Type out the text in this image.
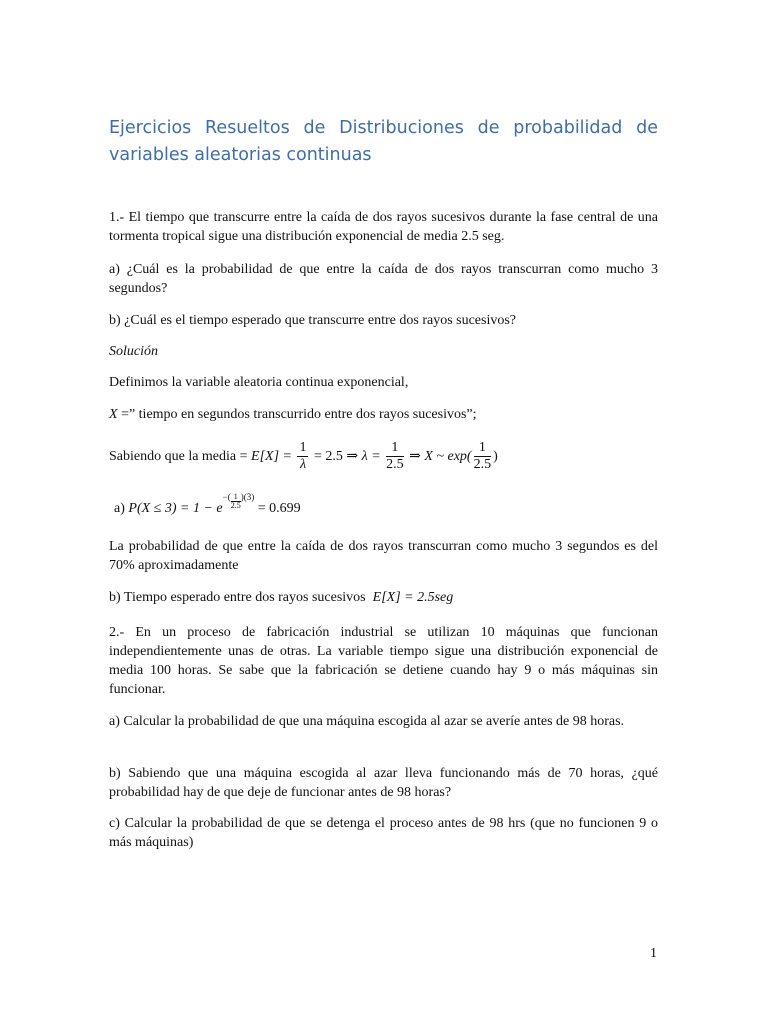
Ejercicios Resueltos de Distribuciones de probabilidad de
variables aleatorias continuas
1.- El tiempo que transcurre entre la caída de dos rayos sucesivos durante la fase central de una tormenta tropical sigue una distribución exponencial de media 2.5 seg.
a) ¿Cuál es la probabilidad de que entre la caída de dos rayos transcurran como mucho 3 segundos?
b) ¿Cuál es el tiempo esperado que transcurre entre dos rayos sucesivos?
Solución
Definimos la variable aleatoria continua exponencial,
X =” tiempo en segundos transcurrido entre dos rayos sucesivos”;
Sabiendo que la media = $E[X] = \frac{1}{\lambda} = 2.5$ ⇒ $\lambda = \frac{1}{2.5}$ ⇒ X ~ $\exp( \frac{1}{2.5}$ )
a) $P(X \le 3) = 1 - e^{-( \frac{1}{2.5} )(3)} = 0.699$
La probabilidad de que entre la caída de dos rayos transcurran como mucho 3 segundos es del 70% aproximadamente
b) Tiempo esperado entre dos rayos sucesivos E[X] = 2.5seg
2.- En un proceso de fabricación industrial se utilizan 10 máquinas que funcionan independientemente unas de otras. La variable tiempo sigue una distribución exponencial de media 100 horas. Se sabe que la fabricación se detiene cuando hay 9 o más máquinas sin funcionar.
a) Calcular la probabilidad de que una máquina escogida al azar se averíe antes de 98 horas.
b) Sabiendo que una máquina escogida al azar lleva funcionando más de 70 horas, ¿qué probabilidad hay de que deje de funcionar antes de 98 horas?
c) Calcular la probabilidad de que se detenga el proceso antes de 98 hrs (que no funcionen 9 o más máquinas)
1
